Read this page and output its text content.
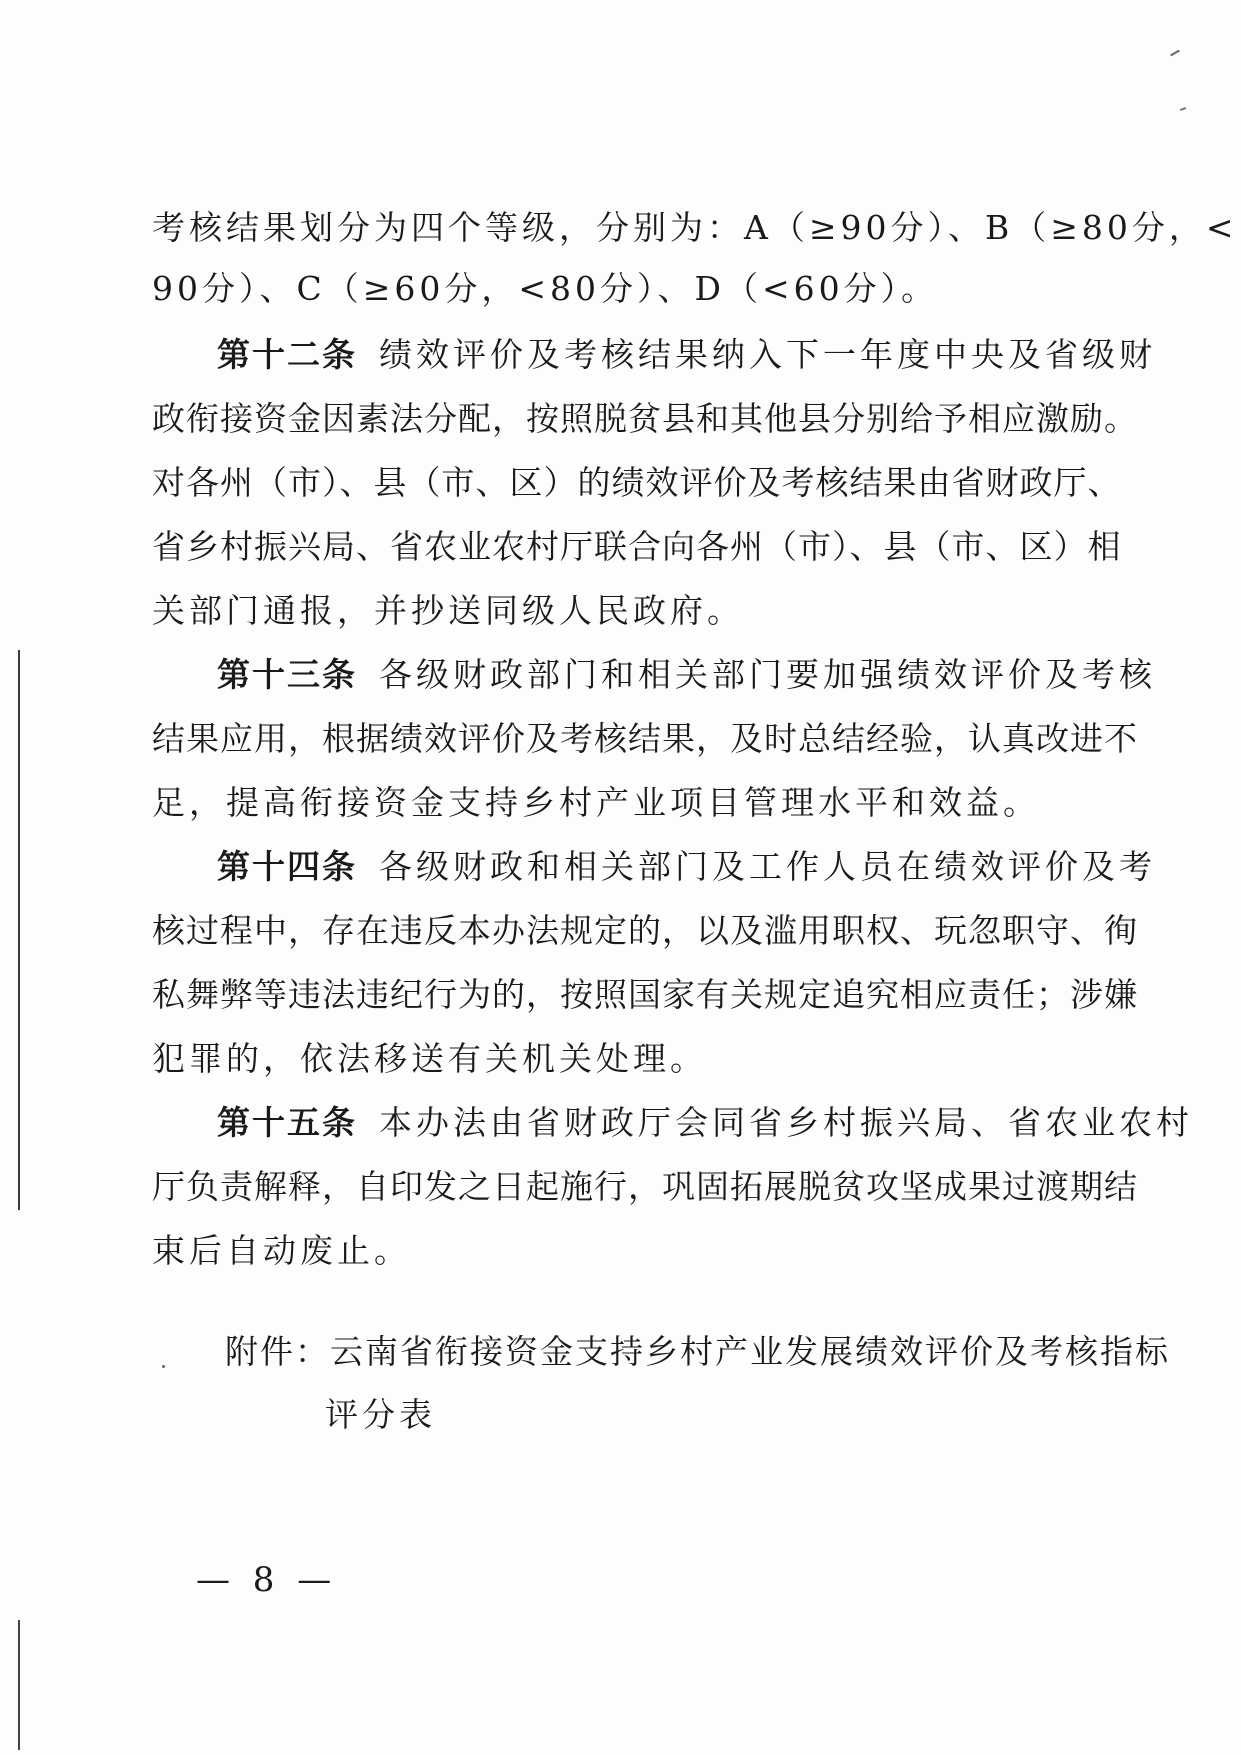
考核结果划分为四个等级，分别为：A（≥90分）、B（≥80分，<
90分）、C（≥60分，<80分）、D（<60分）。
第十二条 绩效评价及考核结果纳入下一年度中央及省级财
政衔接资金因素法分配，按照脱贫县和其他县分别给予相应激励。
对各州（市）、县（市、区）的绩效评价及考核结果由省财政厅、
省乡村振兴局、省农业农村厅联合向各州（市）、县（市、区）相
关部门通报，并抄送同级人民政府。
第十三条 各级财政部门和相关部门要加强绩效评价及考核
结果应用，根据绩效评价及考核结果，及时总结经验，认真改进不
足，提高衔接资金支持乡村产业项目管理水平和效益。
第十四条 各级财政和相关部门及工作人员在绩效评价及考
核过程中，存在违反本办法规定的，以及滥用职权、玩忽职守、徇
私舞弊等违法违纪行为的，按照国家有关规定追究相应责任；涉嫌
犯罪的，依法移送有关机关处理。
第十五条 本办法由省财政厅会同省乡村振兴局、省农业农村
厅负责解释，自印发之日起施行，巩固拓展脱贫攻坚成果过渡期结
束后自动废止。
附件：云南省衔接资金支持乡村产业发展绩效评价及考核指标
评分表
— 8 —
